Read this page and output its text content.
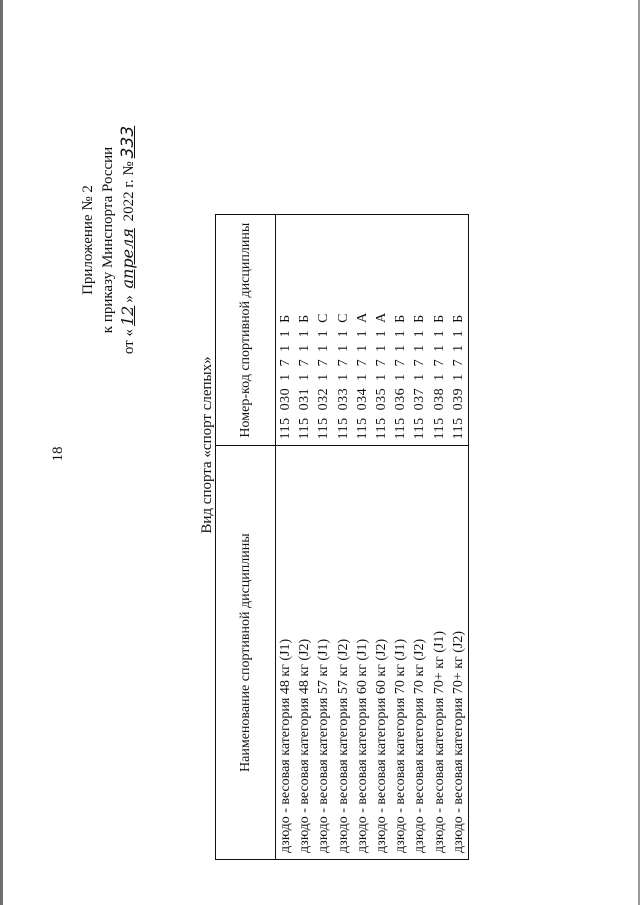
18
Приложение № 2 к приказу Минспорта России
от «12» апреля 2022 г. №333
Вид спорта «спорт слепых»
Наименование спортивной дисциплины	Номер-код спортивной дисциплины
дзюдо - весовая категория 48 кг (J1)	115 030 1 7 1 1 Б
дзюдо - весовая категория 48 кг (J2)	115 031 1 7 1 1 Б
дзюдо - весовая категория 57 кг (J1)	115 032 1 7 1 1 С
дзюдо - весовая категория 57 кг (J2)	115 033 1 7 1 1 С
дзюдо - весовая категория 60 кг (J1)	115 034 1 7 1 1 А
дзюдо - весовая категория 60 кг (J2)	115 035 1 7 1 1 А
дзюдо - весовая категория 70 кг (J1)	115 036 1 7 1 1 Б
дзюдо - весовая категория 70 кг (J2)	115 037 1 7 1 1 Б
дзюдо - весовая категория 70+ кг (J1)	115 038 1 7 1 1 Б
дзюдо - весовая категория 70+ кг (J2)	115 039 1 7 1 1 Б
